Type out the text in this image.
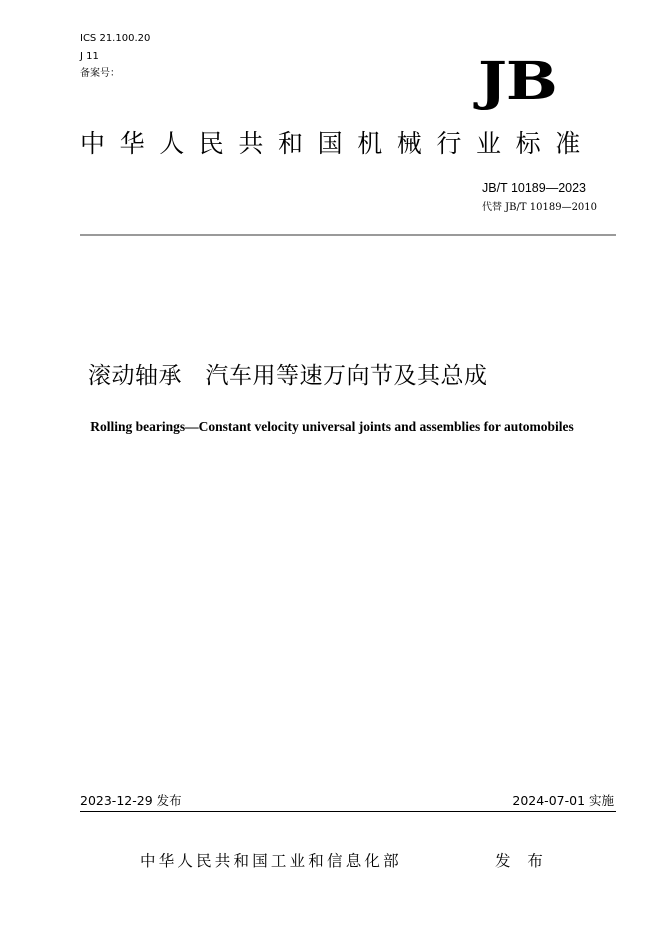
ICS 21.100.20
J 11
备案号：	JB
中华人民共和国机械行业标准
JB/T 10189—2023
代替 JB/T 10189—2010
滚动轴承　汽车用等速万向节及其总成
Rolling bearings—Constant velocity universal joints and assemblies for automobiles
2023-12-29 发布	2024-07-01 实施
中华人民共和国工业和信息化部	发 布
